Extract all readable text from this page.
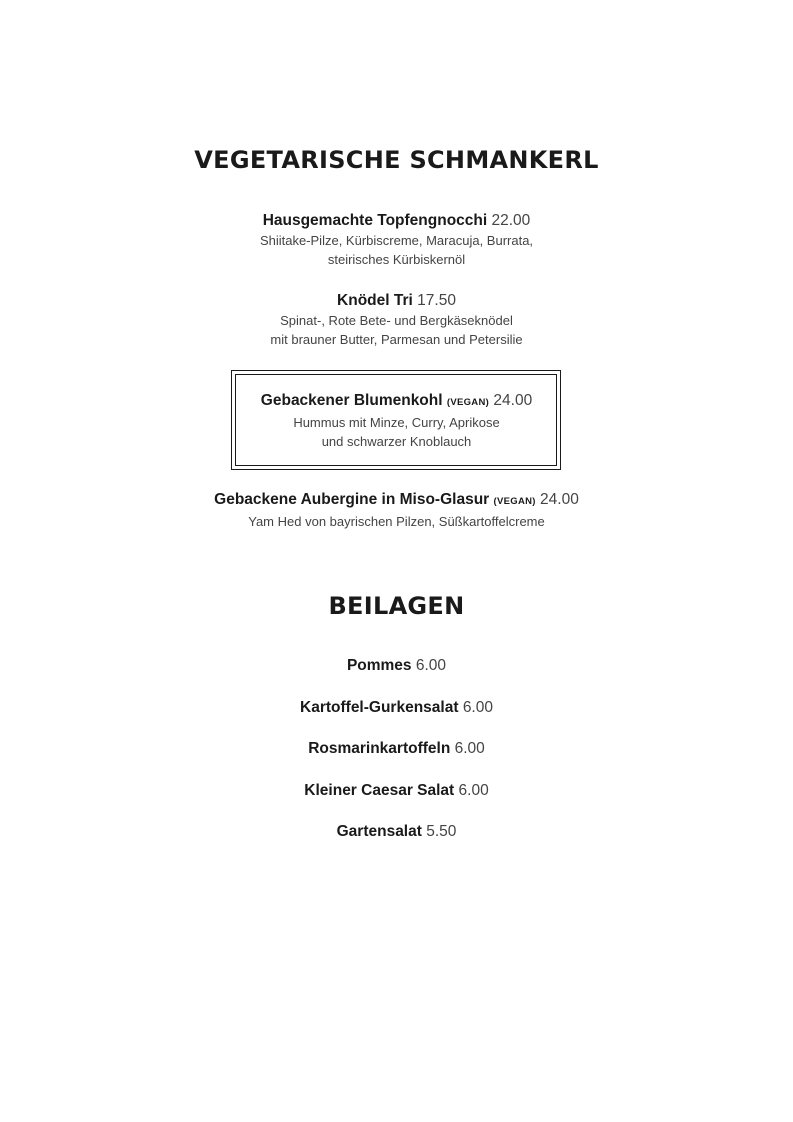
VEGETARISCHE SCHMANKERL
Hausgemachte Topfengnocchi 22.00
Shiitake-Pilze, Kürbiscreme, Maracuja, Burrata,
steirisches Kürbiskernöl
Knödel Tri 17.50
Spinat-, Rote Bete- und Bergkäseknödel
mit brauner Butter, Parmesan und Petersilie
Gebackener Blumenkohl (VEGAN) 24.00
Hummus mit Minze, Curry, Aprikose
und schwarzer Knoblauch
Gebackene Aubergine in Miso-Glasur (VEGAN) 24.00
Yam Hed von bayrischen Pilzen, Süßkartoffelcreme
BEILAGEN
Pommes 6.00
Kartoffel-Gurkensalat 6.00
Rosmarinkartoffeln 6.00
Kleiner Caesar Salat 6.00
Gartensalat 5.50
